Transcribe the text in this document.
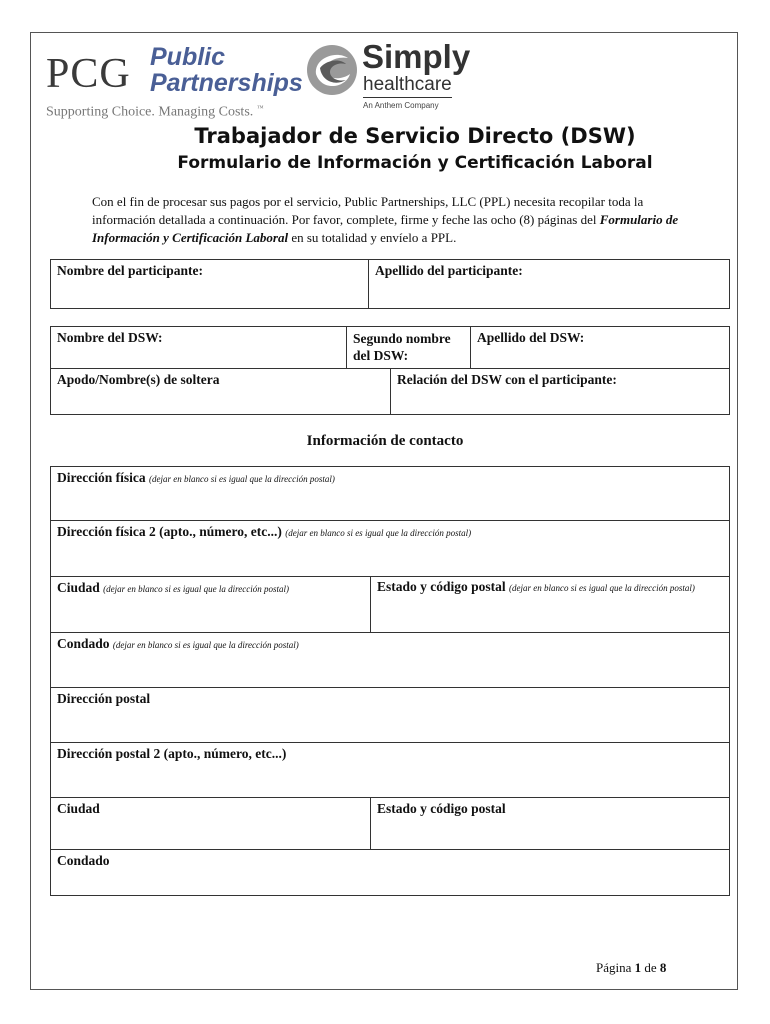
PCG Public
Partnerships
Supporting Choice. Managing Costs. ™
Simply
healthcare
An Anthem Company
Trabajador de Servicio Directo (DSW)
Formulario de Información y Certificación Laboral
Con el fin de procesar sus pagos por el servicio, Public Partnerships, LLC (PPL) necesita recopilar toda la información detallada a continuación. Por favor, complete, firme y feche las ocho (8) páginas del Formulario de Información y Certificación Laboral en su totalidad y envíelo a PPL.
Nombre del participante:	Apellido del participante:
Nombre del DSW:	Segundo nombre del DSW:	Apellido del DSW:
Apodo/Nombre(s) de soltera	Relación del DSW con el participante:
Información de contacto
Dirección física (dejar en blanco si es igual que la dirección postal)	
Dirección física 2 (apto., número, etc...) (dejar en blanco si es igual que la dirección postal)	
Ciudad (dejar en blanco si es igual que la dirección postal)	Estado y código postal (dejar en blanco si es igual que la dirección postal)
Condado (dejar en blanco si es igual que la dirección postal)	
Dirección postal	
Dirección postal 2 (apto., número, etc...)	
Ciudad	Estado y código postal
Condado	
Página 1 de 8
